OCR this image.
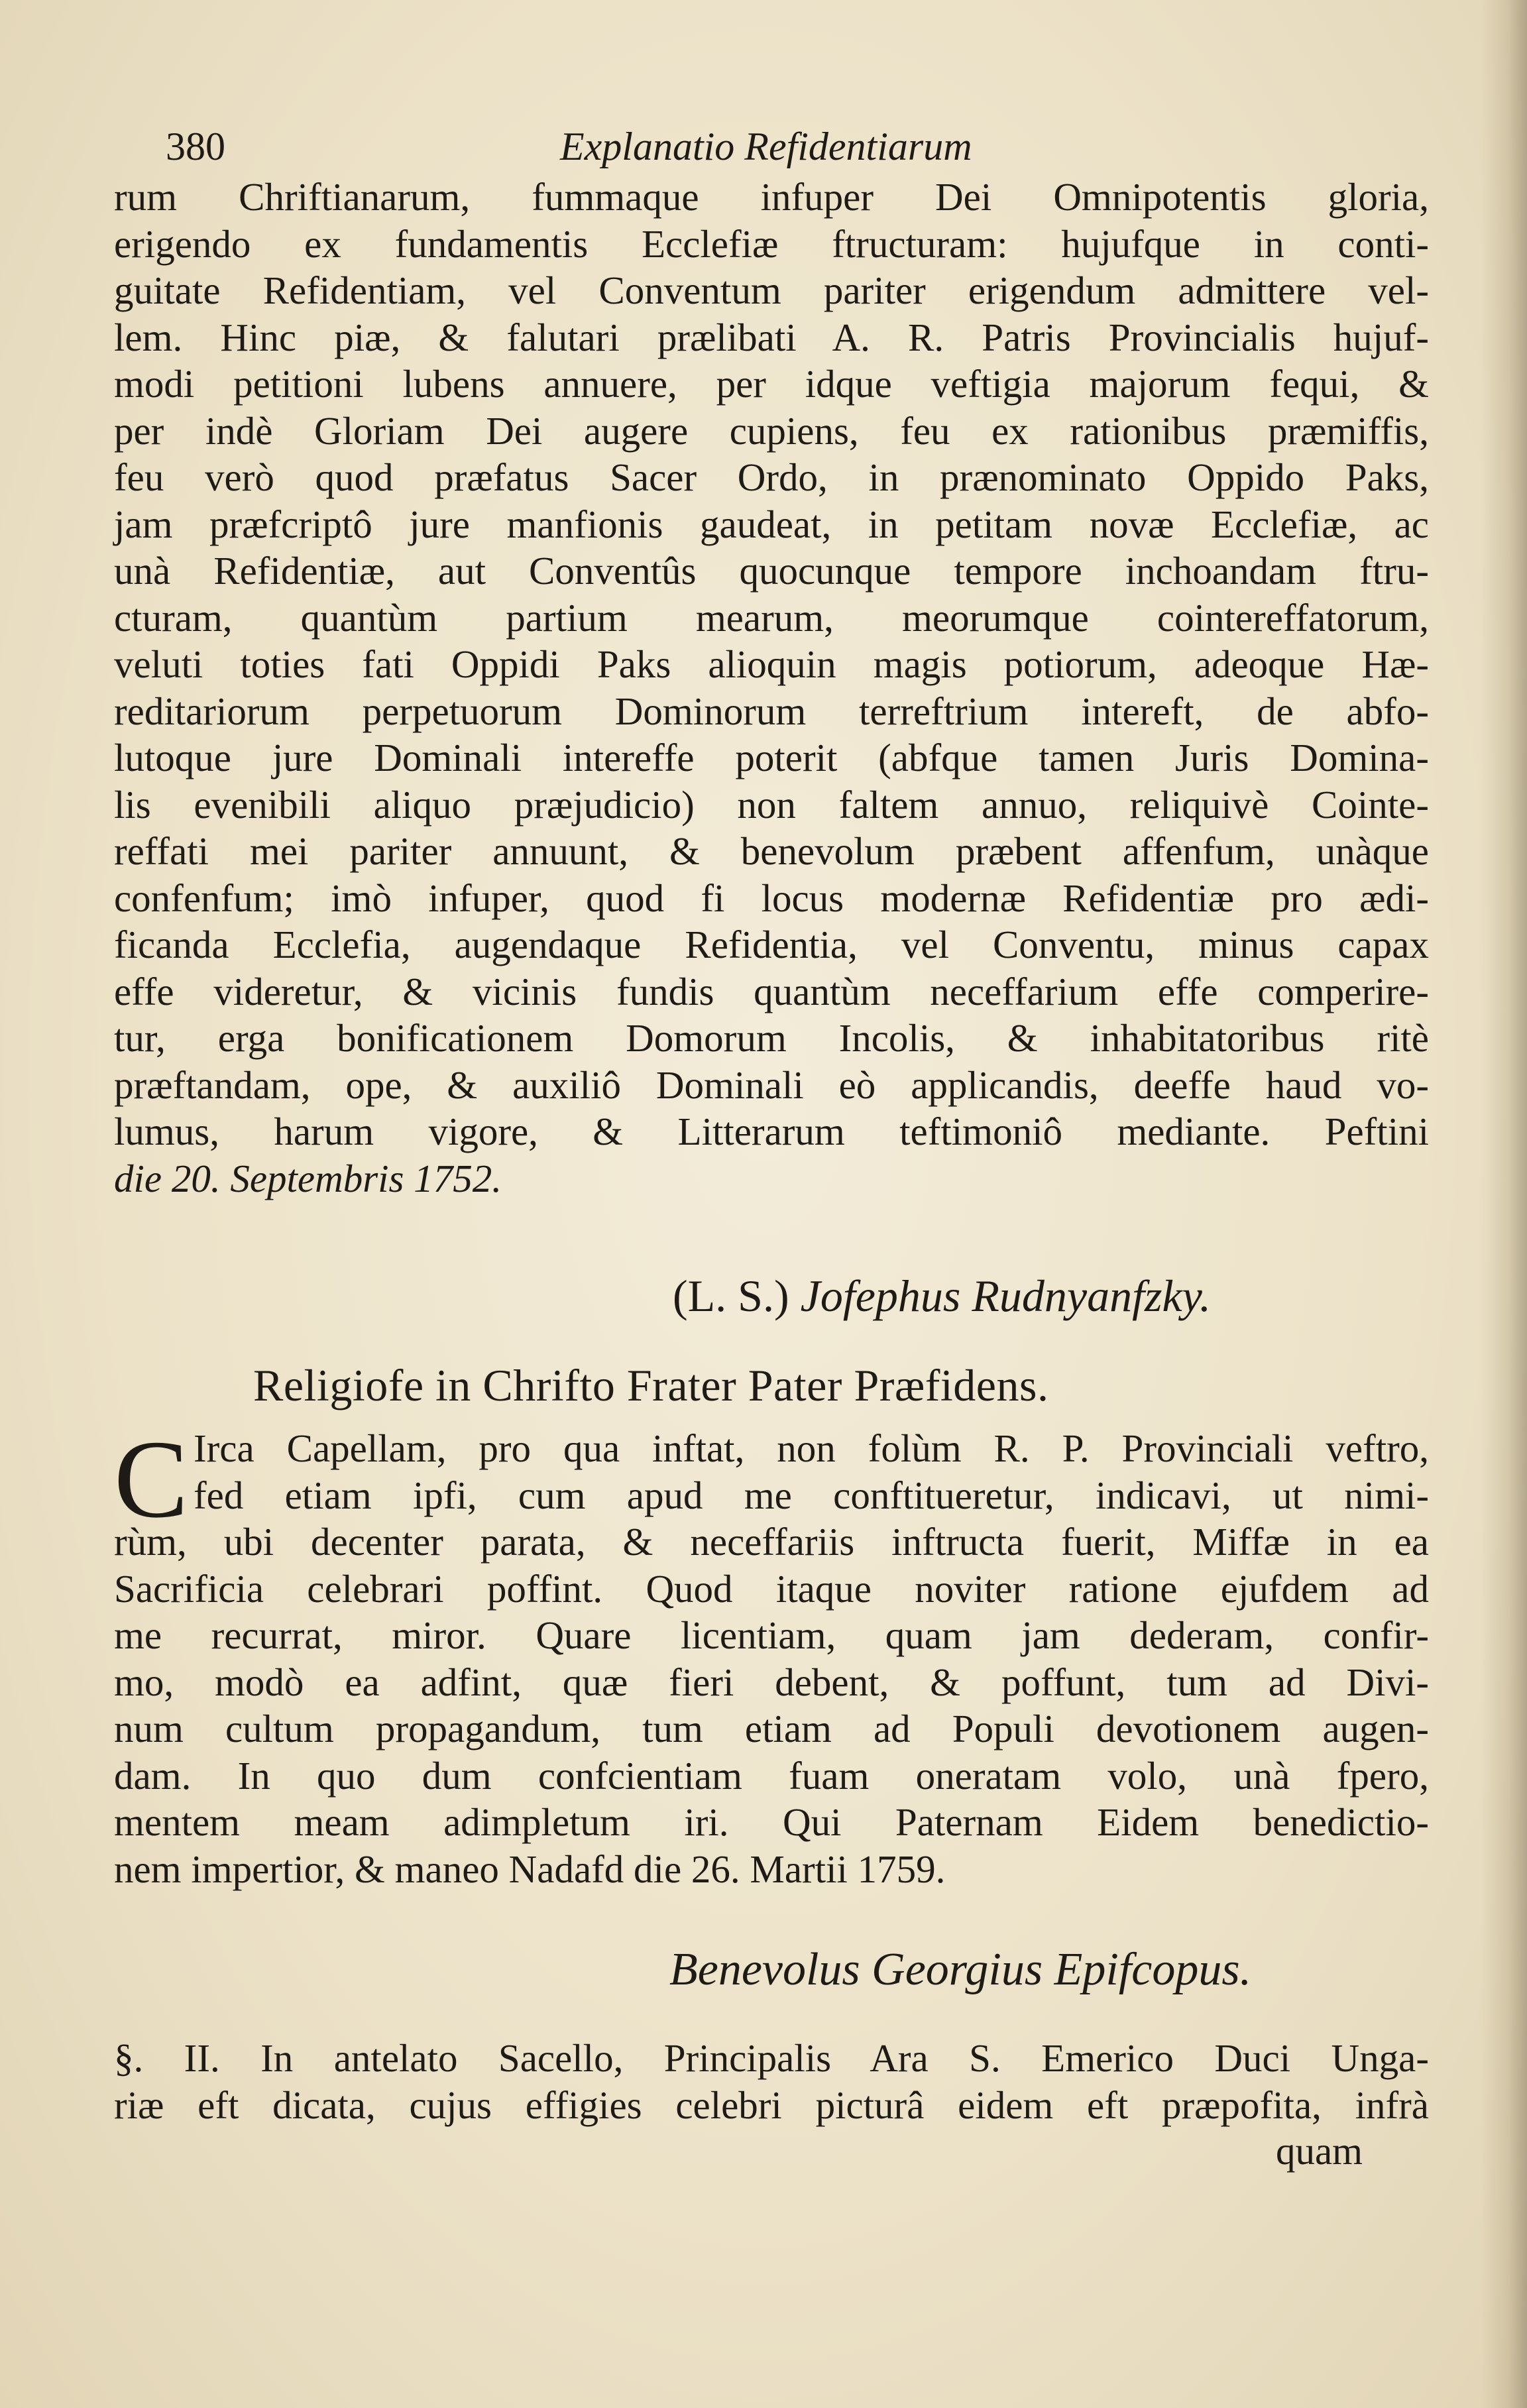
380	Explanatio Refidentiarum
rum Chriftianarum, fummaque infuper Dei Omnipotentis gloria,
erigendo ex fundamentis Ecclefiæ ftructuram: hujufque in conti-
guitate Refidentiam, vel Conventum pariter erigendum admittere vel-
lem. Hinc piæ, & falutari prælibati A. R. Patris Provincialis hujuf-
modi petitioni lubens annuere, per idque veftigia majorum fequi, &
per indè Gloriam Dei augere cupiens, feu ex rationibus præmiffis,
feu verò quod præfatus Sacer Ordo, in prænominato Oppido Paks,
jam præfcriptô jure manfionis gaudeat, in petitam novæ Ecclefiæ, ac
unà Refidentiæ, aut Conventûs quocunque tempore inchoandam ftru-
cturam, quantùm partium mearum, meorumque cointereffatorum,
veluti toties fati Oppidi Paks alioquin magis potiorum, adeoque Hæ-
reditariorum perpetuorum Dominorum terreftrium intereft, de abfo-
lutoque jure Dominali intereffe poterit (abfque tamen Juris Domina-
lis evenibili aliquo præjudicio) non faltem annuo, reliquivè Cointe-
reffati mei pariter annuunt, & benevolum præbent affenfum, unàque
confenfum; imò infuper, quod fi locus modernæ Refidentiæ pro ædi-
ficanda Ecclefia, augendaque Refidentia, vel Conventu, minus capax
effe videretur, & vicinis fundis quantùm neceffarium effe comperire-
tur, erga bonificationem Domorum Incolis, & inhabitatoribus ritè
præftandam, ope, & auxiliô Dominali eò applicandis, deeffe haud vo-
lumus, harum vigore, & Litterarum teftimoniô mediante. Peftini
die 20. Septembris 1752.
(L. S.) Jofephus Rudnyanfzky.
Religiofe in Chrifto Frater Pater Præfidens.
C Irca Capellam, pro qua inftat, non folùm R. P. Provinciali veftro,
fed etiam ipfi, cum apud me conftitueretur, indicavi, ut nimi-
rùm, ubi decenter parata, & neceffariis inftructa fuerit, Miffæ in ea
Sacrificia celebrari poffint. Quod itaque noviter ratione ejufdem ad
me recurrat, miror. Quare licentiam, quam jam dederam, confir-
mo, modò ea adfint, quæ fieri debent, & poffunt, tum ad Divi-
num cultum propagandum, tum etiam ad Populi devotionem augen-
dam. In quo dum confcientiam fuam oneratam volo, unà fpero,
mentem meam adimpletum iri. Qui Paternam Eidem benedictio-
nem impertior, & maneo Nadafd die 26. Martii 1759.
Benevolus Georgius Epifcopus.
§. II. In antelato Sacello, Principalis Ara S. Emerico Duci Unga-
riæ eft dicata, cujus effigies celebri picturâ eidem eft præpofita, infrà
quam
